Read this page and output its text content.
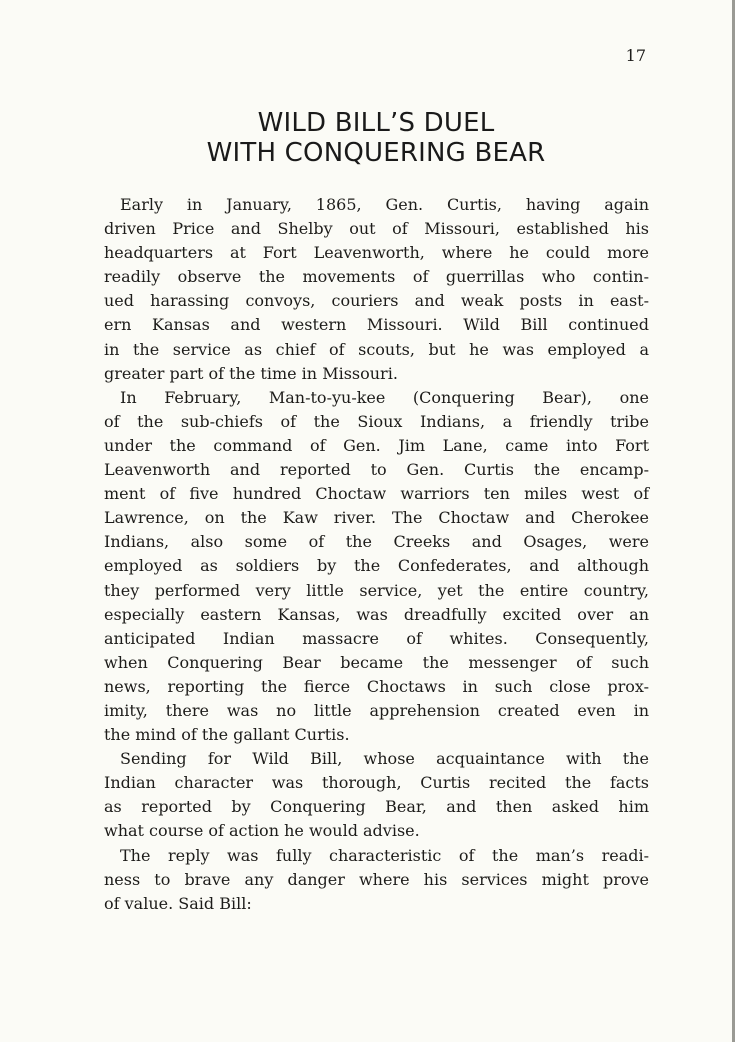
17
WILD BILL’S DUEL
WITH CONQUERING BEAR

Early in January, 1865, Gen. Curtis, having again
driven Price and Shelby out of Missouri, established his
headquarters at Fort Leavenworth, where he could more
readily observe the movements of guerrillas who contin-
ued harassing convoys, couriers and weak posts in east-
ern Kansas and western Missouri. Wild Bill continued
in the service as chief of scouts, but he was employed a
greater part of the time in Missouri.

In February, Man-to-yu-kee (Conquering Bear), one
of the sub-chiefs of the Sioux Indians, a friendly tribe
under the command of Gen. Jim Lane, came into Fort
Leavenworth and reported to Gen. Curtis the encamp-
ment of five hundred Choctaw warriors ten miles west of
Lawrence, on the Kaw river. The Choctaw and Cherokee
Indians, also some of the Creeks and Osages, were
employed as soldiers by the Confederates, and although
they performed very little service, yet the entire country,
especially eastern Kansas, was dreadfully excited over an
anticipated Indian massacre of whites. Consequently,
when Conquering Bear became the messenger of such
news, reporting the fierce Choctaws in such close prox-
imity, there was no little apprehension created even in
the mind of the gallant Curtis.

Sending for Wild Bill, whose acquaintance with the
Indian character was thorough, Curtis recited the facts
as reported by Conquering Bear, and then asked him
what course of action he would advise.

The reply was fully characteristic of the man’s readi-
ness to brave any danger where his services might prove
of value. Said Bill:
